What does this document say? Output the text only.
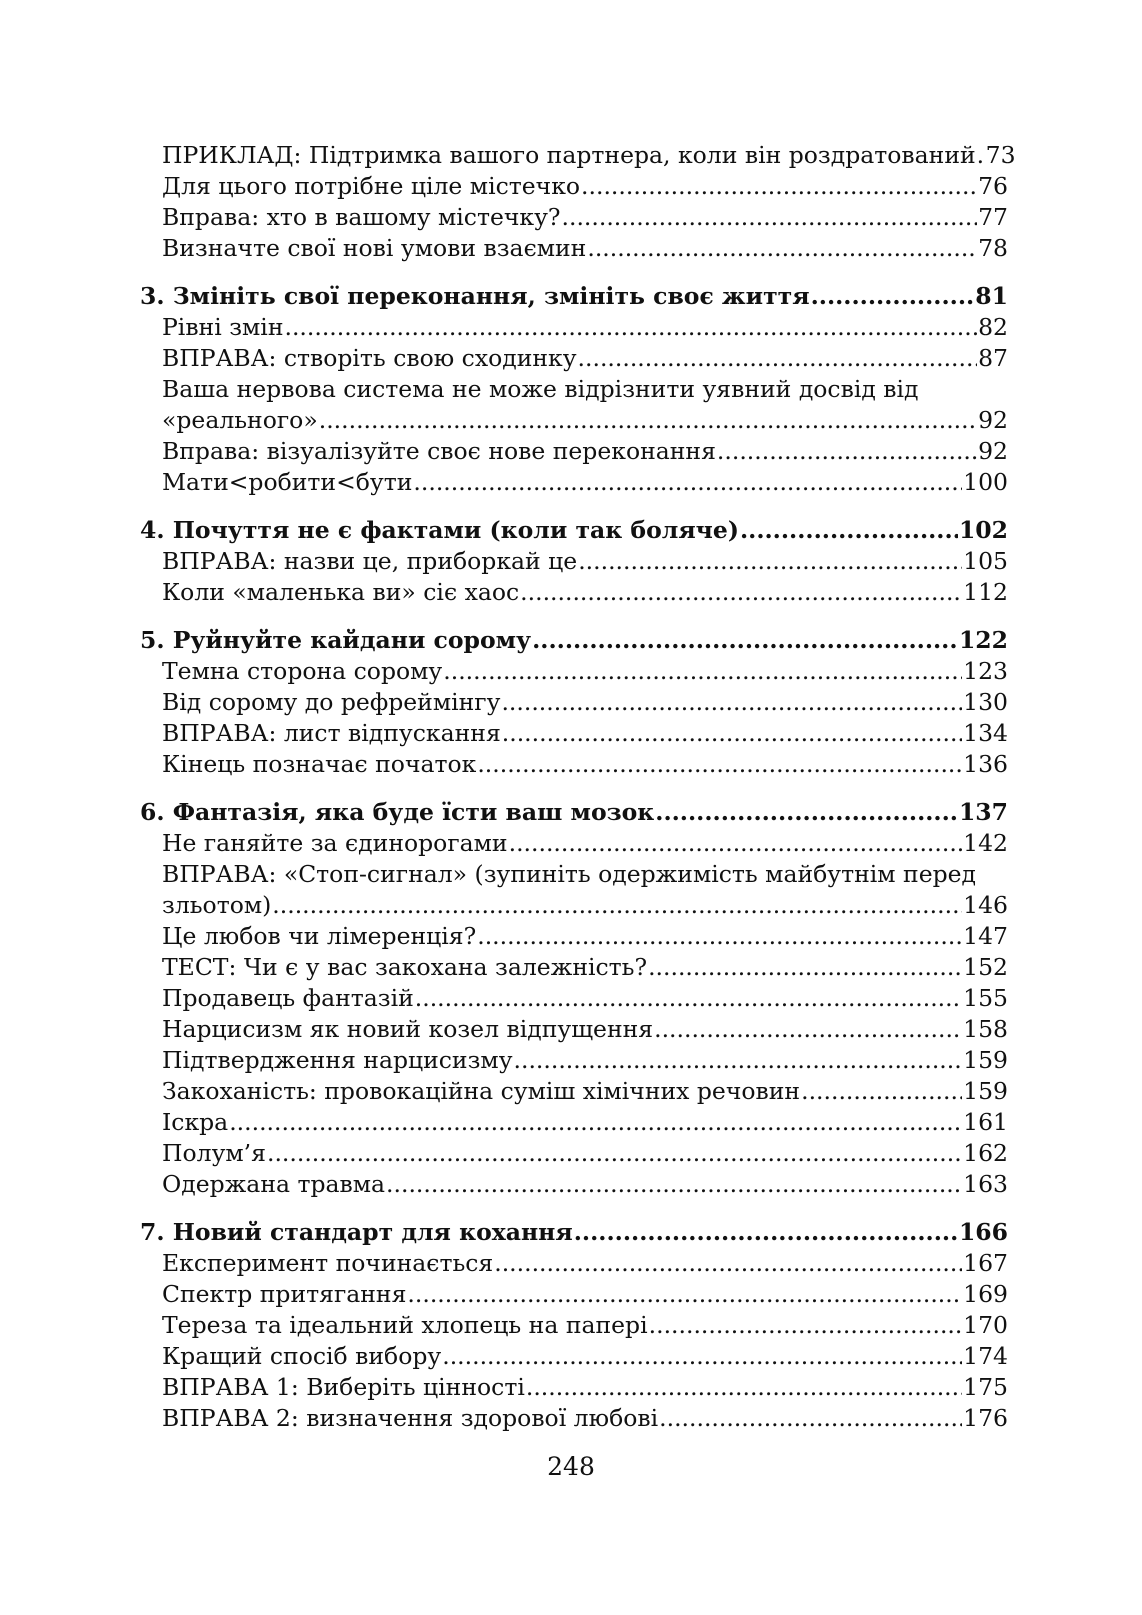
ПРИКЛАД: Підтримка вашого партнера, коли він роздратований ..... 73
Для цього потрібне ціле містечко .....	76
Вправа: хто в вашому містечку? .....	77
Визначте свої нові умови взаємин .....	78
3. Змініть свої переконання, змініть своє життя .....	81
Рівні змін .....	82
ВПРАВА: створіть свою сходинку .....	87
Ваша нервова система не може відрізнити уявний досвід від
«реального» .....	92
Вправа: візуалізуйте своє нове переконання .....	92
Мати<робити<бути .....	100
4. Почуття не є фактами (коли так боляче) .....	102
ВПРАВА: назви це, приборкай це .....	105
Коли «маленька ви» сіє хаос .....	112
5. Руйнуйте кайдани сорому .....	122
Темна сторона сорому .....	123
Від сорому до рефреймінгу .....	130
ВПРАВА: лист відпускання .....	134
Кінець позначає початок .....	136
6. Фантазія, яка буде їсти ваш мозок .....	137
Не ганяйте за єдинорогами .....	142
ВПРАВА: «Стоп-сигнал» (зупиніть одержимість майбутнім перед
зльотом) .....	146
Це любов чи лімеренція? .....	147
ТЕСТ: Чи є у вас закохана залежність? .....	152
Продавець фантазій .....	155
Нарцисизм як новий козел відпущення .....	158
Підтвердження нарцисизму .....	159
Закоханість: провокаційна суміш хімічних речовин .....	159
Іскра .....	161
Полум’я .....	162
Одержана травма .....	163
7. Новий стандарт для кохання .....	166
Експеримент починається .....	167
Спектр притягання .....	169
Тереза та ідеальний хлопець на папері .....	170
Кращий спосіб вибору .....	174
ВПРАВА 1: Виберіть цінності .....	175
ВПРАВА 2: визначення здорової любові .....	176
248
